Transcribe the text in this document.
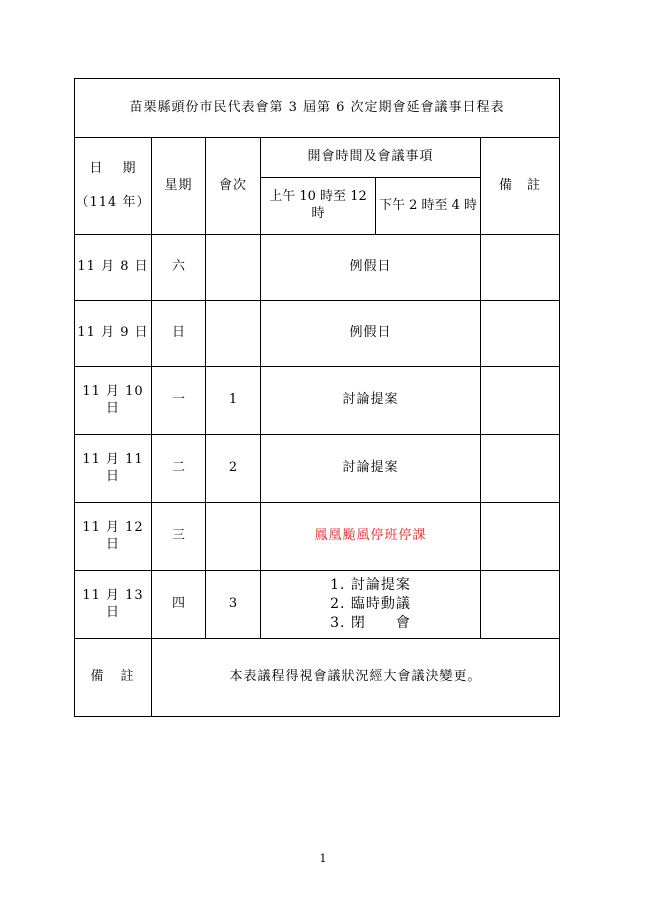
苗栗縣頭份市民代表會第 3 屆第 6 次定期會延會議事日程表					

日　 期
（114 年）	星期	會次	開會時間及會議事項		備　註
			上午 10 時至 12 時	下午 2 時至 4 時	
11 月 8 日	六		例假日		
11 月 9 日	日		例假日		
11 月 10 日	一	1	討論提案		
11 月 11 日	二	2	討論提案		
11 月 12 日	三		鳳凰颱風停班停課		
11 月 13 日	四	3	1. 討論提案
2. 臨時動議
3. 閉　　會		

備　註	本表議程得視會議狀況經大會議決變更。				
1
